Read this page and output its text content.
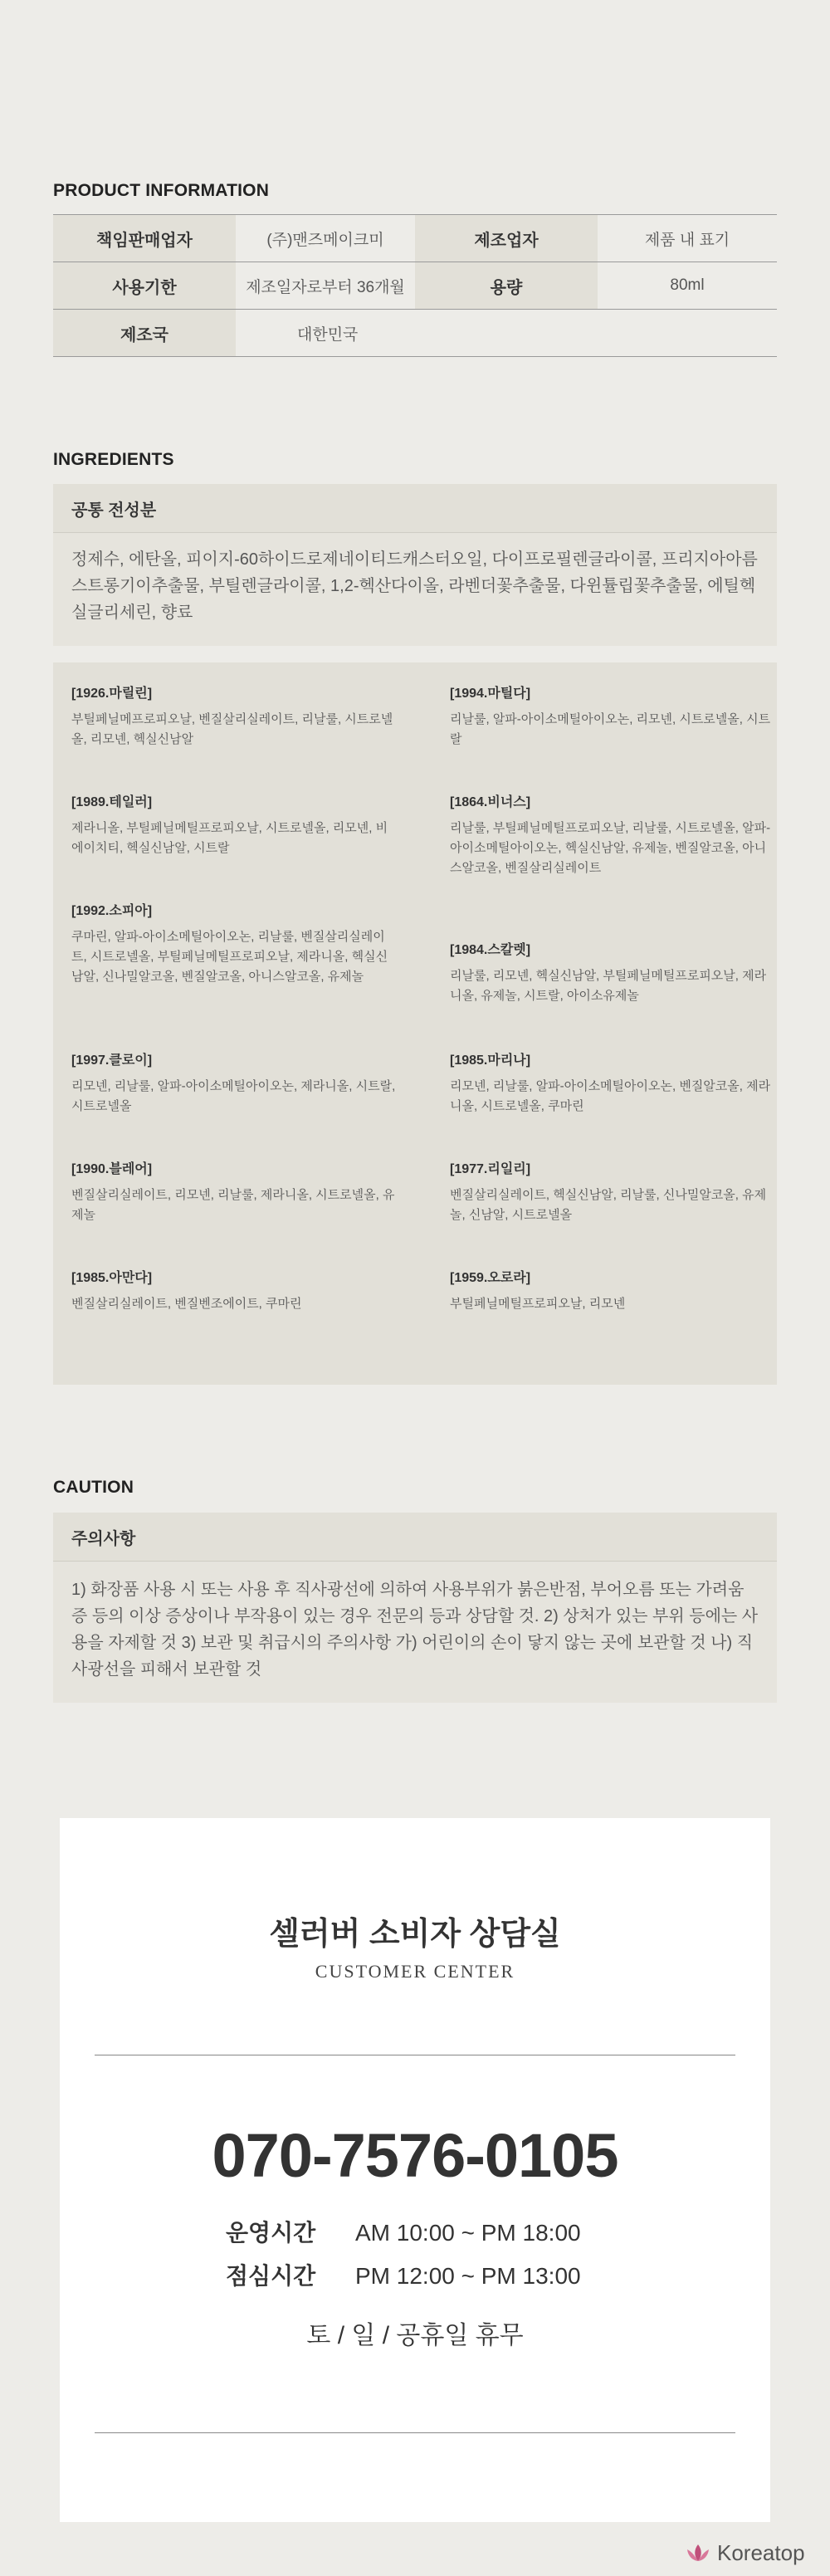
PRODUCT INFORMATION
책임판매업자	(주)맨즈메이크미	제조업자	제품 내 표기
사용기한	제조일자로부터 36개월	용량	80ml
제조국	대한민국
INGREDIENTS
공통 전성분
정제수, 에탄올, 피이지-60하이드로제네이티드캐스터오일, 다이프로필렌글라이콜, 프리지아아름스트롱기이추출물, 부틸렌글라이콜, 1,2-헥산다이올, 라벤더꽃추출물, 다윈튤립꽃추출물, 에틸헥실글리세린, 향료
[1926.마릴린]
부틸페닐메프로피오날, 벤질살리실레이트, 리날룰, 시트로넬올, 리모넨, 헥실신남알
[1994.마틸다]
리날룰, 알파-아이소메틸아이오논, 리모넨, 시트로넬올, 시트랄
[1989.테일러]
제라니올, 부틸페닐메틸프로피오날, 시트로넬올, 리모넨, 비에이치티, 헥실신남알, 시트랄
[1864.비너스]
리날룰, 부틸페닐메틸프로피오날, 리날룰, 시트로넬올, 알파-아이소메틸아이오논, 헥실신남알, 유제놀, 벤질알코올, 아니스알코올, 벤질살리실레이트
[1992.소피아]
쿠마린, 알파-아이소메틸아이오논, 리날룰, 벤질살리실레이트, 시트로넬올, 부틸페닐메틸프로피오날, 제라니올, 헥실신남알, 신나밀알코올, 벤질알코올, 아니스알코올, 유제놀
[1984.스칼렛]
리날룰, 리모넨, 헥실신남알, 부틸페닐메틸프로피오날, 제라니올, 유제놀, 시트랄, 아이소유제놀
[1997.클로이]
리모넨, 리날룰, 알파-아이소메틸아이오논, 제라니올, 시트랄, 시트로넬올
[1985.마리나]
리모넨, 리날룰, 알파-아이소메틸아이오논, 벤질알코올, 제라니올, 시트로넬올, 쿠마린
[1990.블레어]
벤질살리실레이트, 리모넨, 리날룰, 제라니올, 시트로넬올, 유제놀
[1977.리일리]
벤질살리실레이트, 헥실신남알, 리날룰, 신나밀알코올, 유제놀, 신남알, 시트로넬올
[1985.아만다]
벤질살리실레이트, 벤질벤조에이트, 쿠마린
[1959.오로라]
부틸페닐메틸프로피오날, 리모넨
CAUTION
주의사항
1) 화장품 사용 시 또는 사용 후 직사광선에 의하여 사용부위가 붉은반점, 부어오름 또는 가려움증 등의 이상 증상이나 부작용이 있는 경우 전문의 등과 상담할 것. 2) 상처가 있는 부위 등에는 사용을 자제할 것 3) 보관 및 취급시의 주의사항 가) 어린이의 손이 닿지 않는 곳에 보관할 것 나) 직사광선을 피해서 보관할 것
셀러버 소비자 상담실
CUSTOMER CENTER
070-7576-0105
운영시간 AM 10:00 ~ PM 18:00
점심시간 PM 12:00 ~ PM 13:00
토 / 일 / 공휴일 휴무
Koreatop
